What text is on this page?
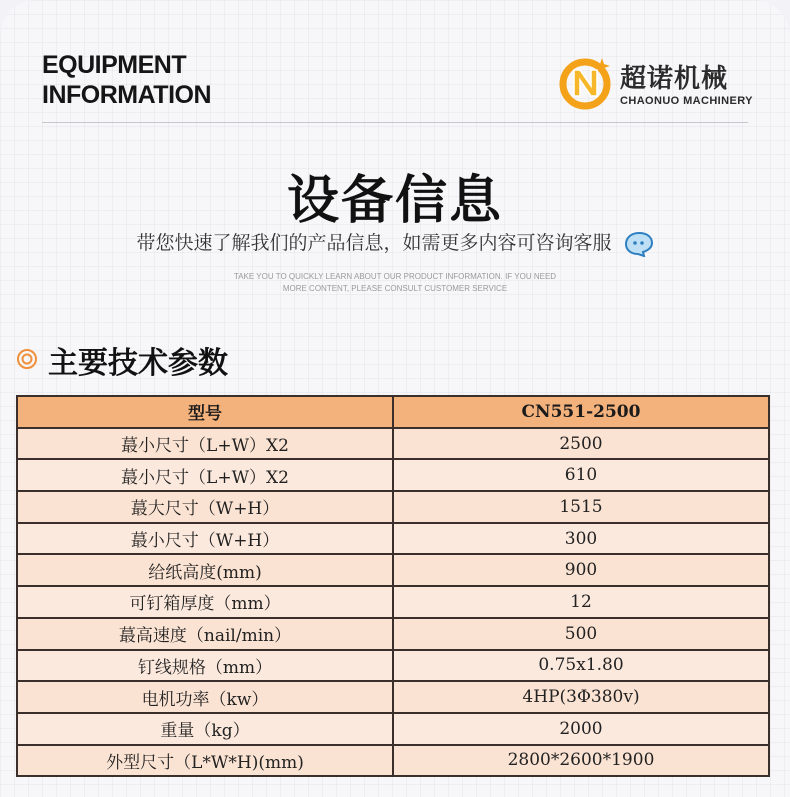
EQUIPMENT
INFORMATION
超诺机械
CHAONUO MACHINERY
设备信息
带您快速了解我们的产品信息，如需更多内容可咨询客服
TAKE YOU TO QUICKLY LEARN ABOUT OUR PRODUCT INFORMATION. IF YOU NEED
MORE CONTENT, PLEASE CONSULT CUSTOMER SERVICE
主要技术参数
型号	CN551-2500
蕞小尺寸（L+W）X2	2500
蕞小尺寸（L+W）X2	610
蕞大尺寸（W+H）	1515
蕞小尺寸（W+H）	300
给纸高度(mm)	900
可钉箱厚度（mm）	12
蕞高速度（nail/min）	500
钉线规格（mm）	0.75x1.80
电机功率（kw）	4HP(3Φ380v)
重量（kg）	2000
外型尺寸（L*W*H)(mm)	2800*2600*1900
